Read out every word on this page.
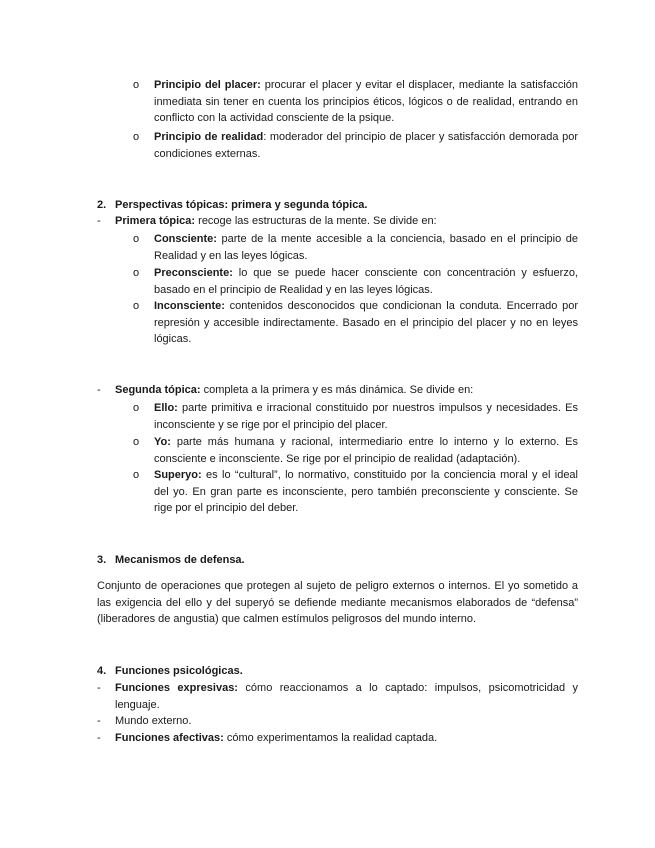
o Principio del placer: procurar el placer y evitar el displacer, mediante la satisfacción inmediata sin tener en cuenta los principios éticos, lógicos o de realidad, entrando en conflicto con la actividad consciente de la psique.
o Principio de realidad: moderador del principio de placer y satisfacción demorada por condiciones externas.
2. Perspectivas tópicas: primera y segunda tópica.
- Primera tópica: recoge las estructuras de la mente. Se divide en:
o Consciente: parte de la mente accesible a la conciencia, basado en el principio de Realidad y en las leyes lógicas.
o Preconsciente: lo que se puede hacer consciente con concentración y esfuerzo, basado en el principio de Realidad y en las leyes lógicas.
o Inconsciente: contenidos desconocidos que condicionan la conduta. Encerrado por represión y accesible indirectamente. Basado en el principio del placer y no en leyes lógicas.
- Segunda tópica: completa a la primera y es más dinámica. Se divide en:
o Ello: parte primitiva e irracional constituido por nuestros impulsos y necesidades. Es inconsciente y se rige por el principio del placer.
o Yo: parte más humana y racional, intermediario entre lo interno y lo externo. Es consciente e inconsciente. Se rige por el principio de realidad (adaptación).
o Superyo: es lo “cultural”, lo normativo, constituido por la conciencia moral y el ideal del yo. En gran parte es inconsciente, pero también preconsciente y consciente. Se rige por el principio del deber.
3. Mecanismos de defensa.
Conjunto de operaciones que protegen al sujeto de peligro externos o internos. El yo sometido a las exigencia del ello y del superyó se defiende mediante mecanismos elaborados de “defensa” (liberadores de angustia) que calmen estímulos peligrosos del mundo interno.
4. Funciones psicológicas.
- Funciones expresivas: cómo reaccionamos a lo captado: impulsos, psicomotricidad y lenguaje.
- Mundo externo.
- Funciones afectivas: cómo experimentamos la realidad captada.
